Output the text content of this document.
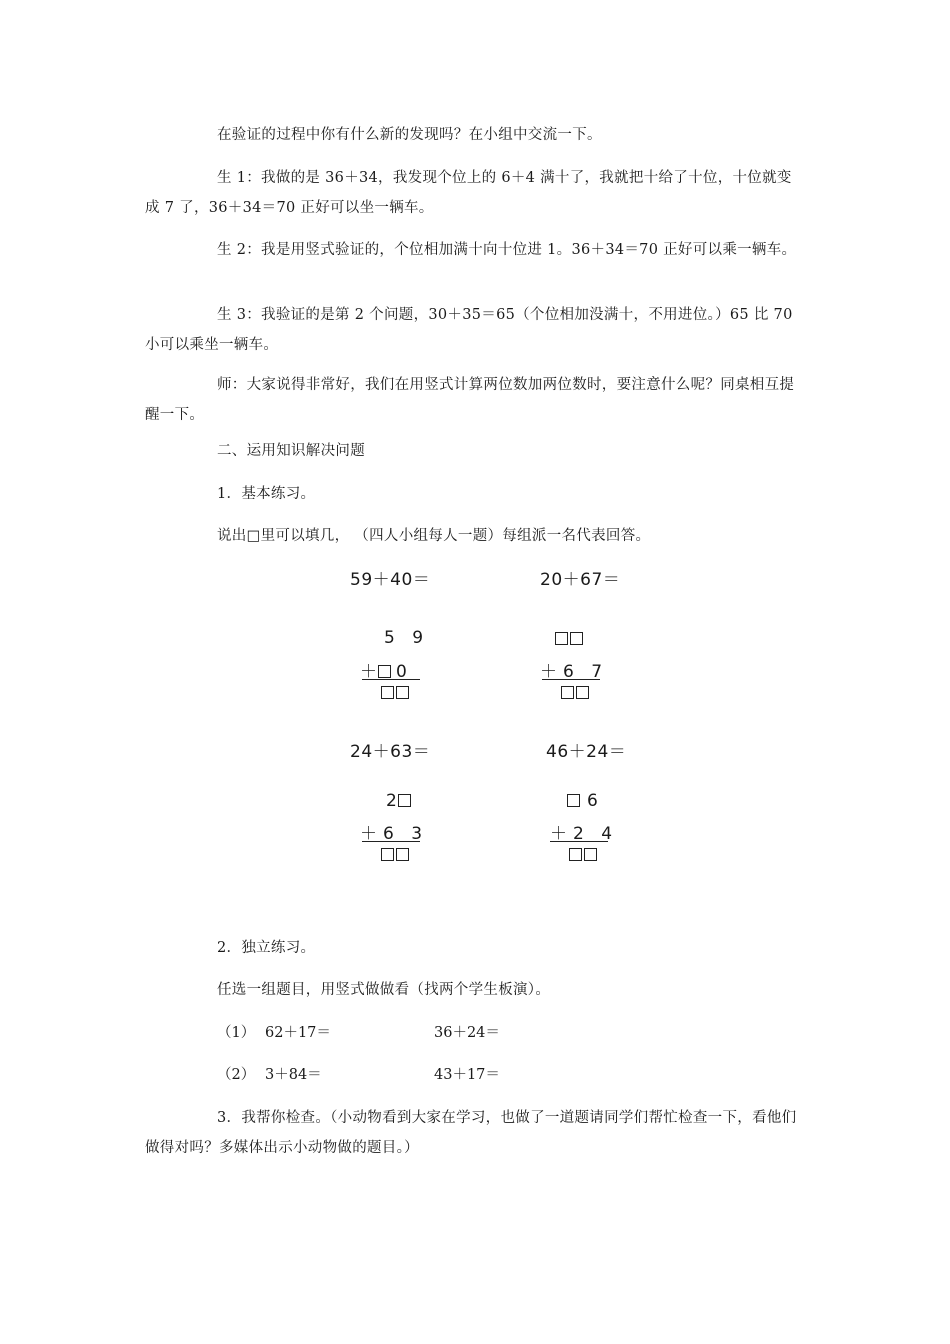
在验证的过程中你有什么新的发现吗？在小组中交流一下。

生 1：我做的是 36＋34，我发现个位上的 6＋4 满十了，我就把十给了十位，十位就变成 7 了，36＋34＝70 正好可以坐一辆车。

生 2：我是用竖式验证的，个位相加满十向十位进 1。36＋34＝70 正好可以乘一辆车。

生 3：我验证的是第 2 个问题，30＋35＝65（个位相加没满十，不用进位。）65 比 70 小可以乘坐一辆车。

师：大家说得非常好，我们在用竖式计算两位数加两位数时，要注意什么呢？同桌相互提醒一下。

二、运用知识解决问题

1．基本练习。

说出□里可以填几， （四人小组每人一题）每组派一名代表回答。

59＋40＝
5 9
＋ 0
20＋67＝
＋ 6 7
24＋63＝
2
＋ 6 3
46＋24＝
6
＋ 2 4

2．独立练习。

任选一组题目，用竖式做做看（找两个学生板演）。

（1） 62＋17＝	36＋24＝
（2） 3＋84＝	43＋17＝

3．我帮你检查。（小动物看到大家在学习，也做了一道题请同学们帮忙检查一下，看他们做得对吗？多媒体出示小动物做的题目。）
